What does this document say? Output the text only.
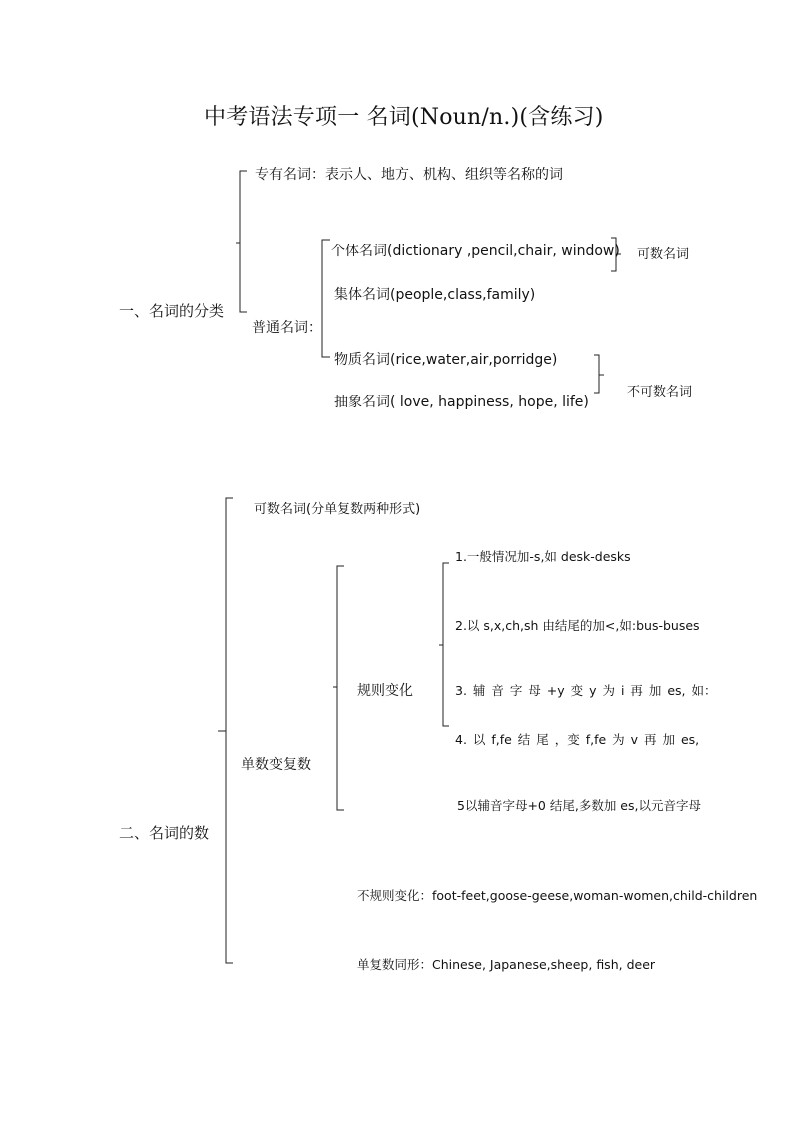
中考语法专项一 名词(Noun/n.)(含练习)
一、名词的分类
专有名词：表示人、地方、机构、组织等名称的词
普通名词：
个体名词(dictionary ,pencil,chair, window)
集体名词(people,class,family)
可数名词
物质名词(rice,water,air,porridge)
抽象名词( love, happiness, hope, life)
不可数名词
二、名词的数
可数名词(分单复数两种形式)
单数变复数
规则变化
1.一般情况加-s,如 desk-desks
2.以 s,x,ch,sh 由结尾的加<,如:bus-buses
3. 辅 音 字 母 +y 变 y 为 i 再 加 es, 如：
4. 以 f,fe 结 尾 ，变 f,fe 为 v 再 加 es,
5以辅音字母+0 结尾,多数加 es,以元音字母
不规则变化：foot-feet,goose-geese,woman-women,child-children
单复数同形：Chinese, Japanese,sheep, fish, deer
